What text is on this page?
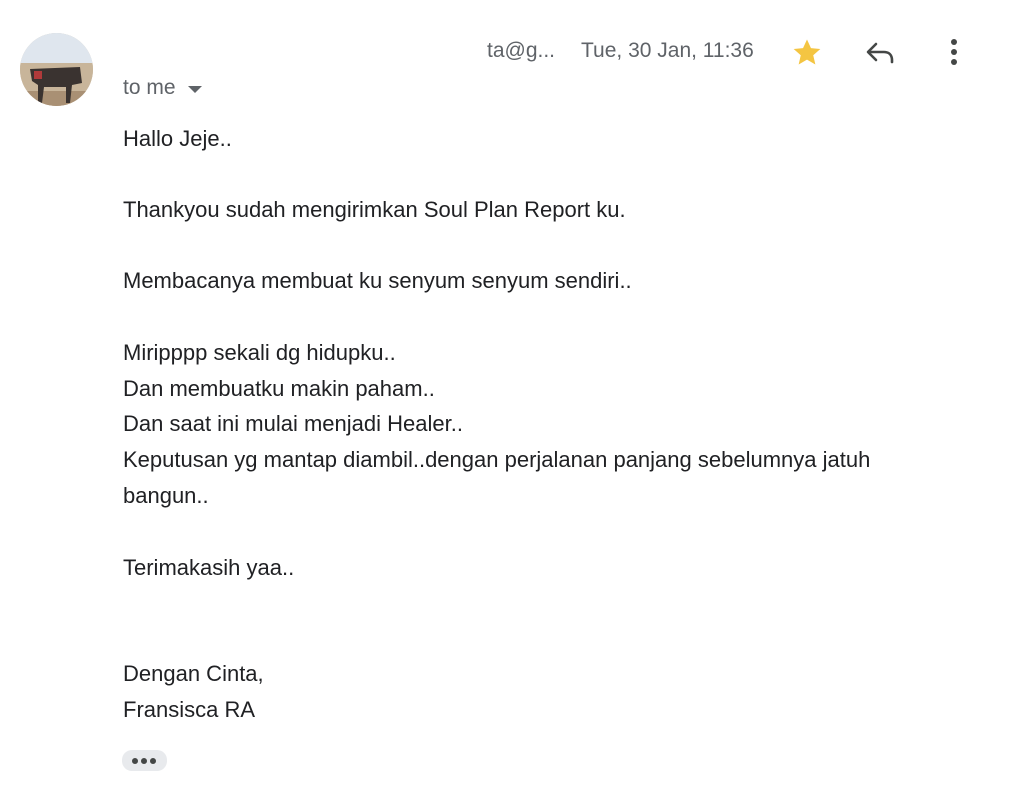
ta@g... Tue, 30 Jan, 11:36
to me
Hallo Jeje..
Thankyou sudah mengirimkan Soul Plan Report ku.
Membacanya membuat ku senyum senyum sendiri..
Miripppp sekali dg hidupku..
Dan membuatku makin paham..
Dan saat ini mulai menjadi Healer..
Keputusan yg mantap diambil..dengan perjalanan panjang sebelumnya jatuh
bangun..
Terimakasih yaa..
Dengan Cinta,
Fransisca RA
